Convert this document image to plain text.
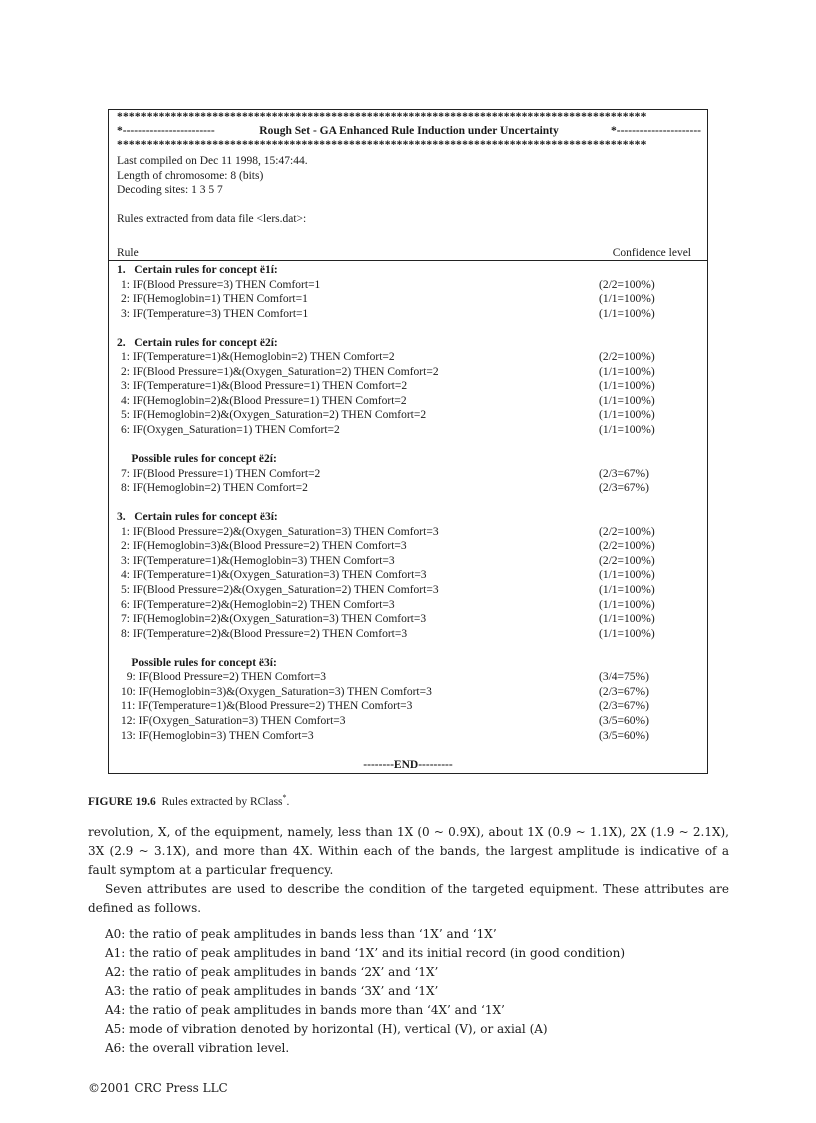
*****************************************************************************************
*------------------------	Rough Set - GA Enhanced Rule Induction under Uncertainty	----------------------*
*****************************************************************************************
Last compiled on Dec 11 1998, 15:47:44.
Length of chromosome: 8 (bits)
Decoding sites: 1 3 5 7
Rules extracted from data file <lers.dat>:
Rule	Confidence level
1.   Certain rules for concept ë1í:
1: IF(Blood Pressure=3) THEN Comfort=1	(2/2=100%)
2: IF(Hemoglobin=1) THEN Comfort=1	(1/1=100%)
3: IF(Temperature=3) THEN Comfort=1	(1/1=100%)
2.   Certain rules for concept ë2í:
1: IF(Temperature=1)&(Hemoglobin=2) THEN Comfort=2	(2/2=100%)
2: IF(Blood Pressure=1)&(Oxygen_Saturation=2) THEN Comfort=2	(1/1=100%)
3: IF(Temperature=1)&(Blood Pressure=1) THEN Comfort=2	(1/1=100%)
4: IF(Hemoglobin=2)&(Blood Pressure=1) THEN Comfort=2	(1/1=100%)
5: IF(Hemoglobin=2)&(Oxygen_Saturation=2) THEN Comfort=2	(1/1=100%)
6: IF(Oxygen_Saturation=1) THEN Comfort=2	(1/1=100%)
Possible rules for concept ë2í:
7: IF(Blood Pressure=1) THEN Comfort=2	(2/3=67%)
8: IF(Hemoglobin=2) THEN Comfort=2	(2/3=67%)
3.   Certain rules for concept ë3í:
1: IF(Blood Pressure=2)&(Oxygen_Saturation=3) THEN Comfort=3	(2/2=100%)
2: IF(Hemoglobin=3)&(Blood Pressure=2) THEN Comfort=3	(2/2=100%)
3: IF(Temperature=1)&(Hemoglobin=3) THEN Comfort=3	(2/2=100%)
4: IF(Temperature=1)&(Oxygen_Saturation=3) THEN Comfort=3	(1/1=100%)
5: IF(Blood Pressure=2)&(Oxygen_Saturation=2) THEN Comfort=3	(1/1=100%)
6: IF(Temperature=2)&(Hemoglobin=2) THEN Comfort=3	(1/1=100%)
7: IF(Hemoglobin=2)&(Oxygen_Saturation=3) THEN Comfort=3	(1/1=100%)
8: IF(Temperature=2)&(Blood Pressure=2) THEN Comfort=3	(1/1=100%)
Possible rules for concept ë3í:
9: IF(Blood Pressure=2) THEN Comfort=3	(3/4=75%)
10: IF(Hemoglobin=3)&(Oxygen_Saturation=3) THEN Comfort=3	(2/3=67%)
11: IF(Temperature=1)&(Blood Pressure=2) THEN Comfort=3	(2/3=67%)
12: IF(Oxygen_Saturation=3) THEN Comfort=3	(3/5=60%)
13: IF(Hemoglobin=3) THEN Comfort=3	(3/5=60%)
--------END---------
FIGURE 19.6 Rules extracted by RClass*.

revolution, X, of the equipment, namely, less than 1X (0 ~ 0.9X), about 1X (0.9 ~ 1.1X), 2X (1.9 ~ 2.1X), 3X (2.9 ~ 3.1X), and more than 4X. Within each of the bands, the largest amplitude is indicative of a fault symptom at a particular frequency.

Seven attributes are used to describe the condition of the targeted equipment. These attributes are defined as follows.

A0: the ratio of peak amplitudes in bands less than ‘1X’ and ‘1X’
A1: the ratio of peak amplitudes in band ‘1X’ and its initial record (in good condition)
A2: the ratio of peak amplitudes in bands ‘2X’ and ‘1X’
A3: the ratio of peak amplitudes in bands ‘3X’ and ‘1X’
A4: the ratio of peak amplitudes in bands more than ‘4X’ and ‘1X’
A5: mode of vibration denoted by horizontal (H), vertical (V), or axial (A)
A6: the overall vibration level.
©2001 CRC Press LLC
